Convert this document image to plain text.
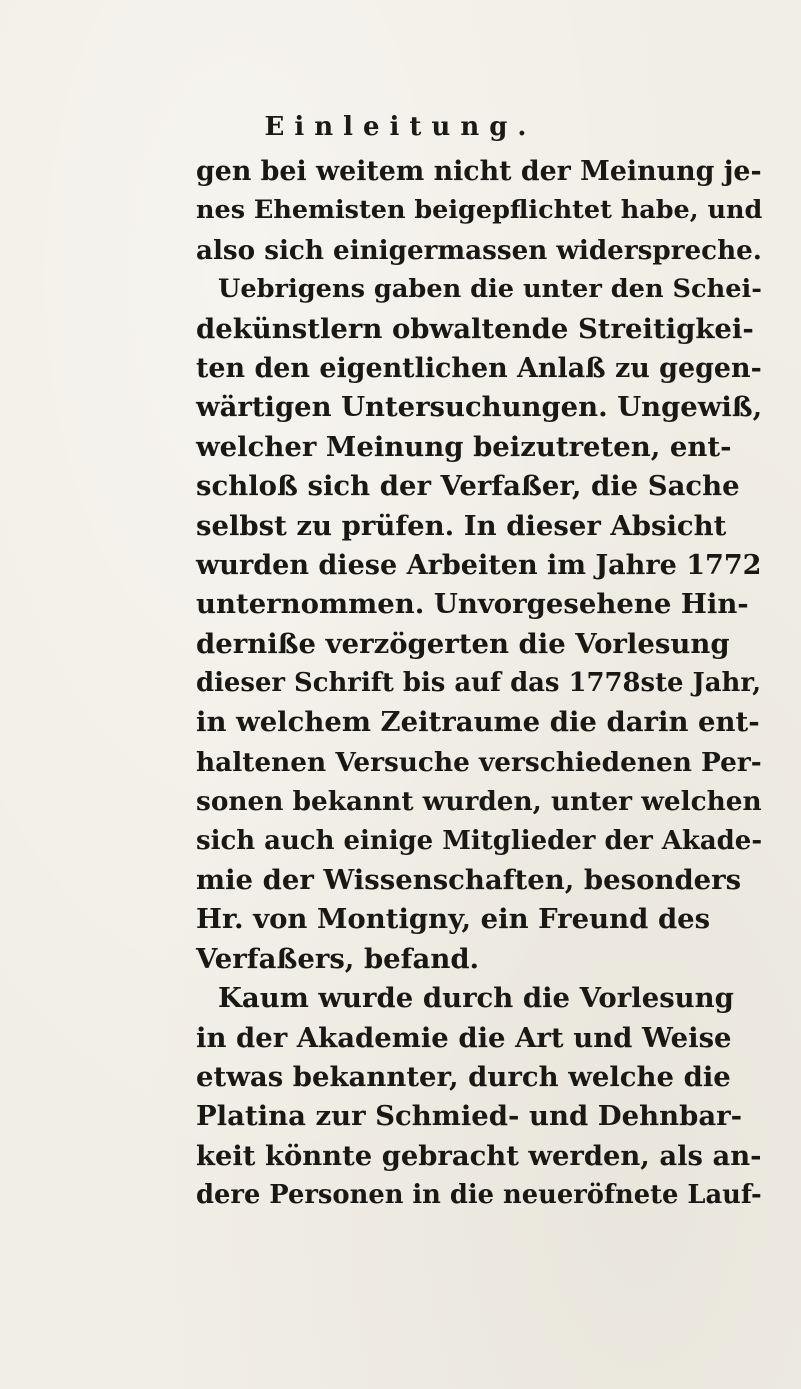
Einleitung.
gen bei weitem nicht der Meinung je-
nes Ehemisten beigepflichtet habe, und
also sich einigermassen widerspreche.
Uebrigens gaben die unter den Schei-
dekünstlern obwaltende Streitigkei-
ten den eigentlichen Anlaß zu gegen-
wärtigen Untersuchungen. Ungewiß,
welcher Meinung beizutreten, ent-
schloß sich der Verfaßer, die Sache
selbst zu prüfen. In dieser Absicht
wurden diese Arbeiten im Jahre 1772
unternommen. Unvorgesehene Hin-
derniße verzögerten die Vorlesung
dieser Schrift bis auf das 1778ste Jahr,
in welchem Zeitraume die darin ent-
haltenen Versuche verschiedenen Per-
sonen bekannt wurden, unter welchen
sich auch einige Mitglieder der Akade-
mie der Wissenschaften, besonders
Hr. von Montigny, ein Freund des
Verfaßers, befand.
Kaum wurde durch die Vorlesung
in der Akademie die Art und Weise
etwas bekannter, durch welche die
Platina zur Schmied- und Dehnbar-
keit könnte gebracht werden, als an-
dere Personen in die neueröfnete Lauf-
